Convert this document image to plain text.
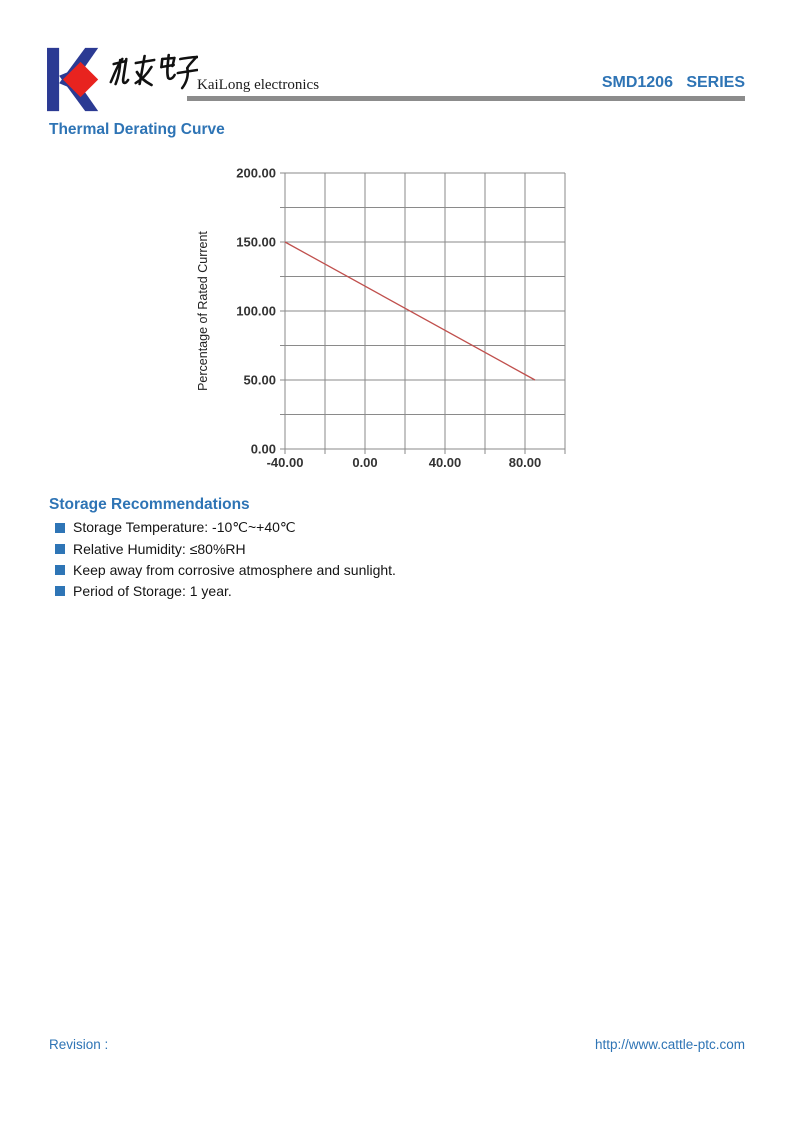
KaiLong electronics	SMD1206   SERIES
Thermal Derating Curve
Percentage of Rated Current
-40.00	0.00	40.00	80.00
0.00
50.00
100.00
150.00
200.00
Storage Recommendations
Storage Temperature: -10℃~+40℃
Relative Humidity: ≤80%RH
Keep away from corrosive atmosphere and sunlight.
Period of Storage: 1 year.
Revision :	http://www.cattle-ptc.com
